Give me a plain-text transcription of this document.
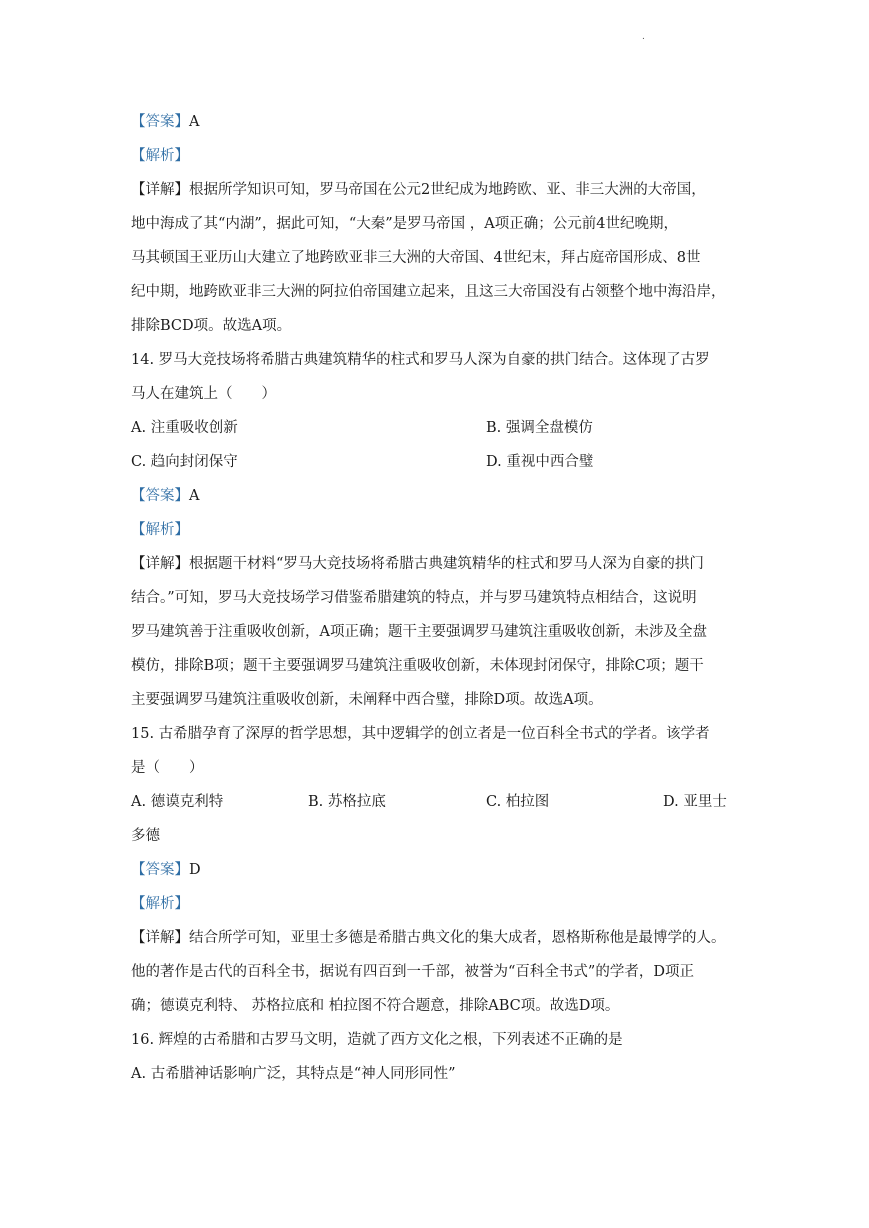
.
【答案】A
【解析】
【详解】根据所学知识可知，罗马帝国在公元2世纪成为地跨欧、亚、非三大洲的大帝国，
地中海成了其“内湖”，据此可知，“大秦”是罗马帝国 ，A项正确；公元前4世纪晚期，
马其顿国王亚历山大建立了地跨欧亚非三大洲的大帝国、4世纪末，拜占庭帝国形成、8世
纪中期，地跨欧亚非三大洲的阿拉伯帝国建立起来，且这三大帝国没有占领整个地中海沿岸，
排除BCD项。故选A项。
14. 罗马大竞技场将希腊古典建筑精华的柱式和罗马人深为自豪的拱门结合。这体现了古罗
马人在建筑上（　　）
A. 注重吸收创新	B. 强调全盘模仿
C. 趋向封闭保守	D. 重视中西合璧
【答案】A
【解析】
【详解】根据题干材料“罗马大竞技场将希腊古典建筑精华的柱式和罗马人深为自豪的拱门
结合。”可知，罗马大竞技场学习借鉴希腊建筑的特点，并与罗马建筑特点相结合，这说明
罗马建筑善于注重吸收创新，A项正确；题干主要强调罗马建筑注重吸收创新，未涉及全盘
模仿，排除B项；题干主要强调罗马建筑注重吸收创新，未体现封闭保守，排除C项；题干
主要强调罗马建筑注重吸收创新，未阐释中西合璧，排除D项。故选A项。
15. 古希腊孕育了深厚的哲学思想，其中逻辑学的创立者是一位百科全书式的学者。该学者
是（　　）
A. 德谟克利特	B. 苏格拉底	C. 柏拉图	D. 亚里士
多德
【答案】D
【解析】
【详解】结合所学可知，亚里士多德是希腊古典文化的集大成者，恩格斯称他是最博学的人。
他的著作是古代的百科全书，据说有四百到一千部，被誉为“百科全书式”的学者，D项正
确；德谟克利特、 苏格拉底和 柏拉图不符合题意，排除ABC项。故选D项。
16. 辉煌的古希腊和古罗马文明，造就了西方文化之根，下列表述不正确的是
A. 古希腊神话影响广泛，其特点是“神人同形同性”
